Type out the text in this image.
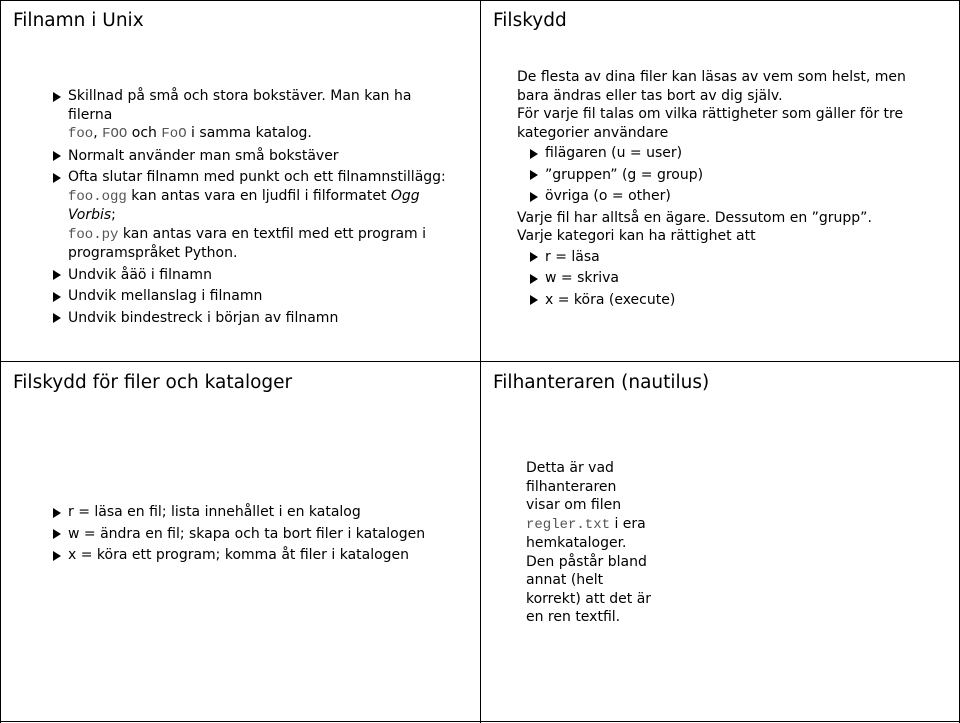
Filnamn i Unix
Skillnad på små och stora bokstäver. Man kan ha filerna
foo, FOO och FoO i samma katalog.
Normalt använder man små bokstäver
Ofta slutar filnamn med punkt och ett filnamnstillägg:
foo.ogg kan antas vara en ljudfil i filformatet Ogg Vorbis;
foo.py kan antas vara en textfil med ett program i programspråket Python.
Undvik åäö i filnamn
Undvik mellanslag i filnamn
Undvik bindestreck i början av filnamn
Filskydd

De flesta av dina filer kan läsas av vem som helst, men bara ändras eller tas bort av dig själv.

För varje fil talas om vilka rättigheter som gäller för tre kategorier användare

filägaren (u = user)
”gruppen” (g = group)
övriga (o = other)

Varje fil har alltså en ägare. Dessutom en ”grupp”.

Varje kategori kan ha rättighet att

r = läsa
w = skriva
x = köra (execute)
Filskydd för filer och kataloger
r = läsa en fil; lista innehållet i en katalog
w = ändra en fil; skapa och ta bort filer i katalogen
x = köra ett program; komma åt filer i katalogen
Filhanteraren (nautilus)
Detta är vad filhanteraren visar om filen regler.txt i era hemkataloger. Den påstår bland annat (helt korrekt) att det är en ren textfil.
